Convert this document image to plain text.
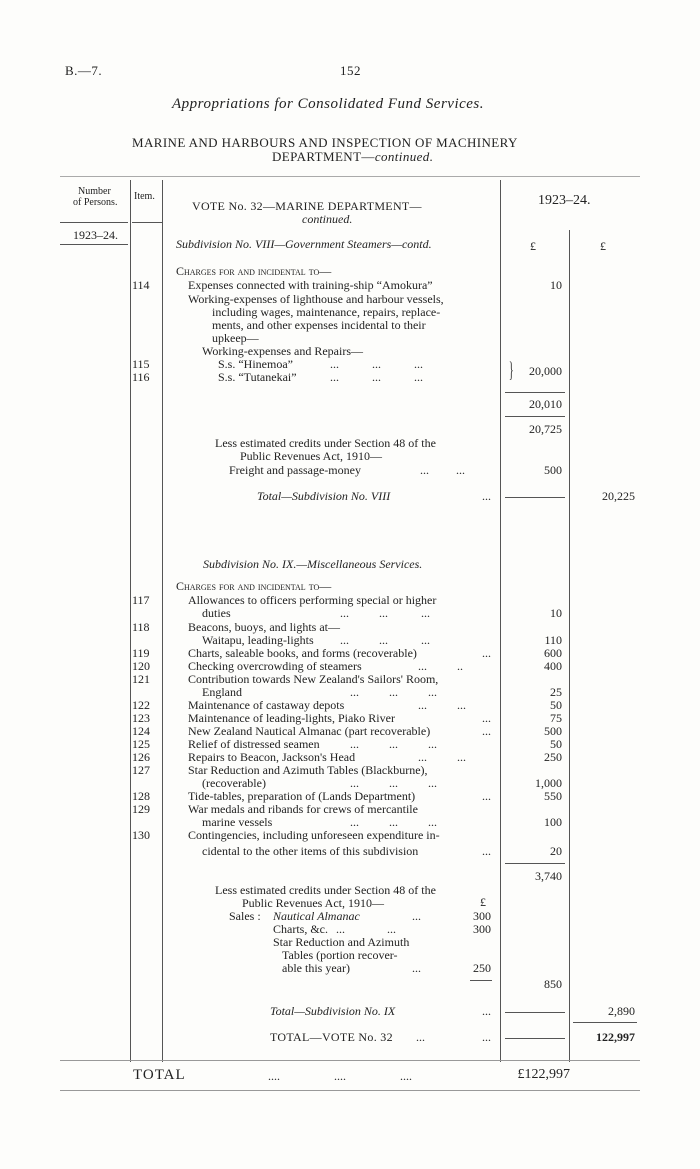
B.—7.	152
Appropriations for Consolidated Fund Services.
MARINE AND HARBOURS AND INSPECTION OF MACHINERY
DEPARTMENT—continued.
Number
of Persons.
Item.
VOTE No. 32—MARINE DEPARTMENT—
continued.
1923–24.
1923–24.
£	£
Subdivision No. VIII—Government Steamers—contd.
Charges for and incidental to—
114	Expenses connected with training-ship “Amokura”	10
Working-expenses of lighthouse and harbour vessels,
including wages, maintenance, repairs, replace-
ments, and other expenses incidental to their
upkeep—
Working-expenses and Repairs—
115	S.s. “Hinemoa”	...           ...           ...
116	S.s. “Tutanekai”	...           ...           ...	}	20,000
20,010
20,725
Less estimated credits under Section 48 of the
Public Revenues Act, 1910—
Freight and passage-money	...         ...	500
Total—Subdivision No. VIII	...	20,225
Subdivision No. IX.—Miscellaneous Services.
Charges for and incidental to—
117	Allowances to officers performing special or higher
duties	...          ...           ...	10
118	Beacons, buoys, and lights at—
Waitapu, leading-lights ...          ...           ...	110
119	Charts, saleable books, and forms (recoverable)	...	600
120	Checking overcrowding of steamers	...          ..	400
121	Contribution towards New Zealand's Sailors' Room,
England	...          ...          ...	25
122	Maintenance of castaway depots	...          ...	50
123	Maintenance of leading-lights, Piako River	...	75
124	New Zealand Nautical Almanac (part recoverable)	...	500
125	Relief of distressed seamen	...          ...          ...	50
126	Repairs to Beacon, Jackson's Head	...          ...	250
127	Star Reduction and Azimuth Tables (Blackburne),
(recoverable)	...          ...          ...	1,000
128	Tide-tables, preparation of (Lands Department)	...	550
129	War medals and ribands for crews of mercantile
marine vessels	...          ...          ...	100
130	Contingencies, including unforeseen expenditure in-
cidental to the other items of this subdivision	...	20
3,740
Less estimated credits under Section 48 of the
£
Public Revenues Act, 1910—
Sales : Nautical Almanac	...	300
Charts, &c. ...              ...	300
Star Reduction and Azimuth
Tables (portion recover-
able this year)	...	250
850
Total—Subdivision No. IX	...	2,890
TOTAL—VOTE No. 32 ...                   ...	122,997
TOTAL	....                  ....                  ....	£122,997
